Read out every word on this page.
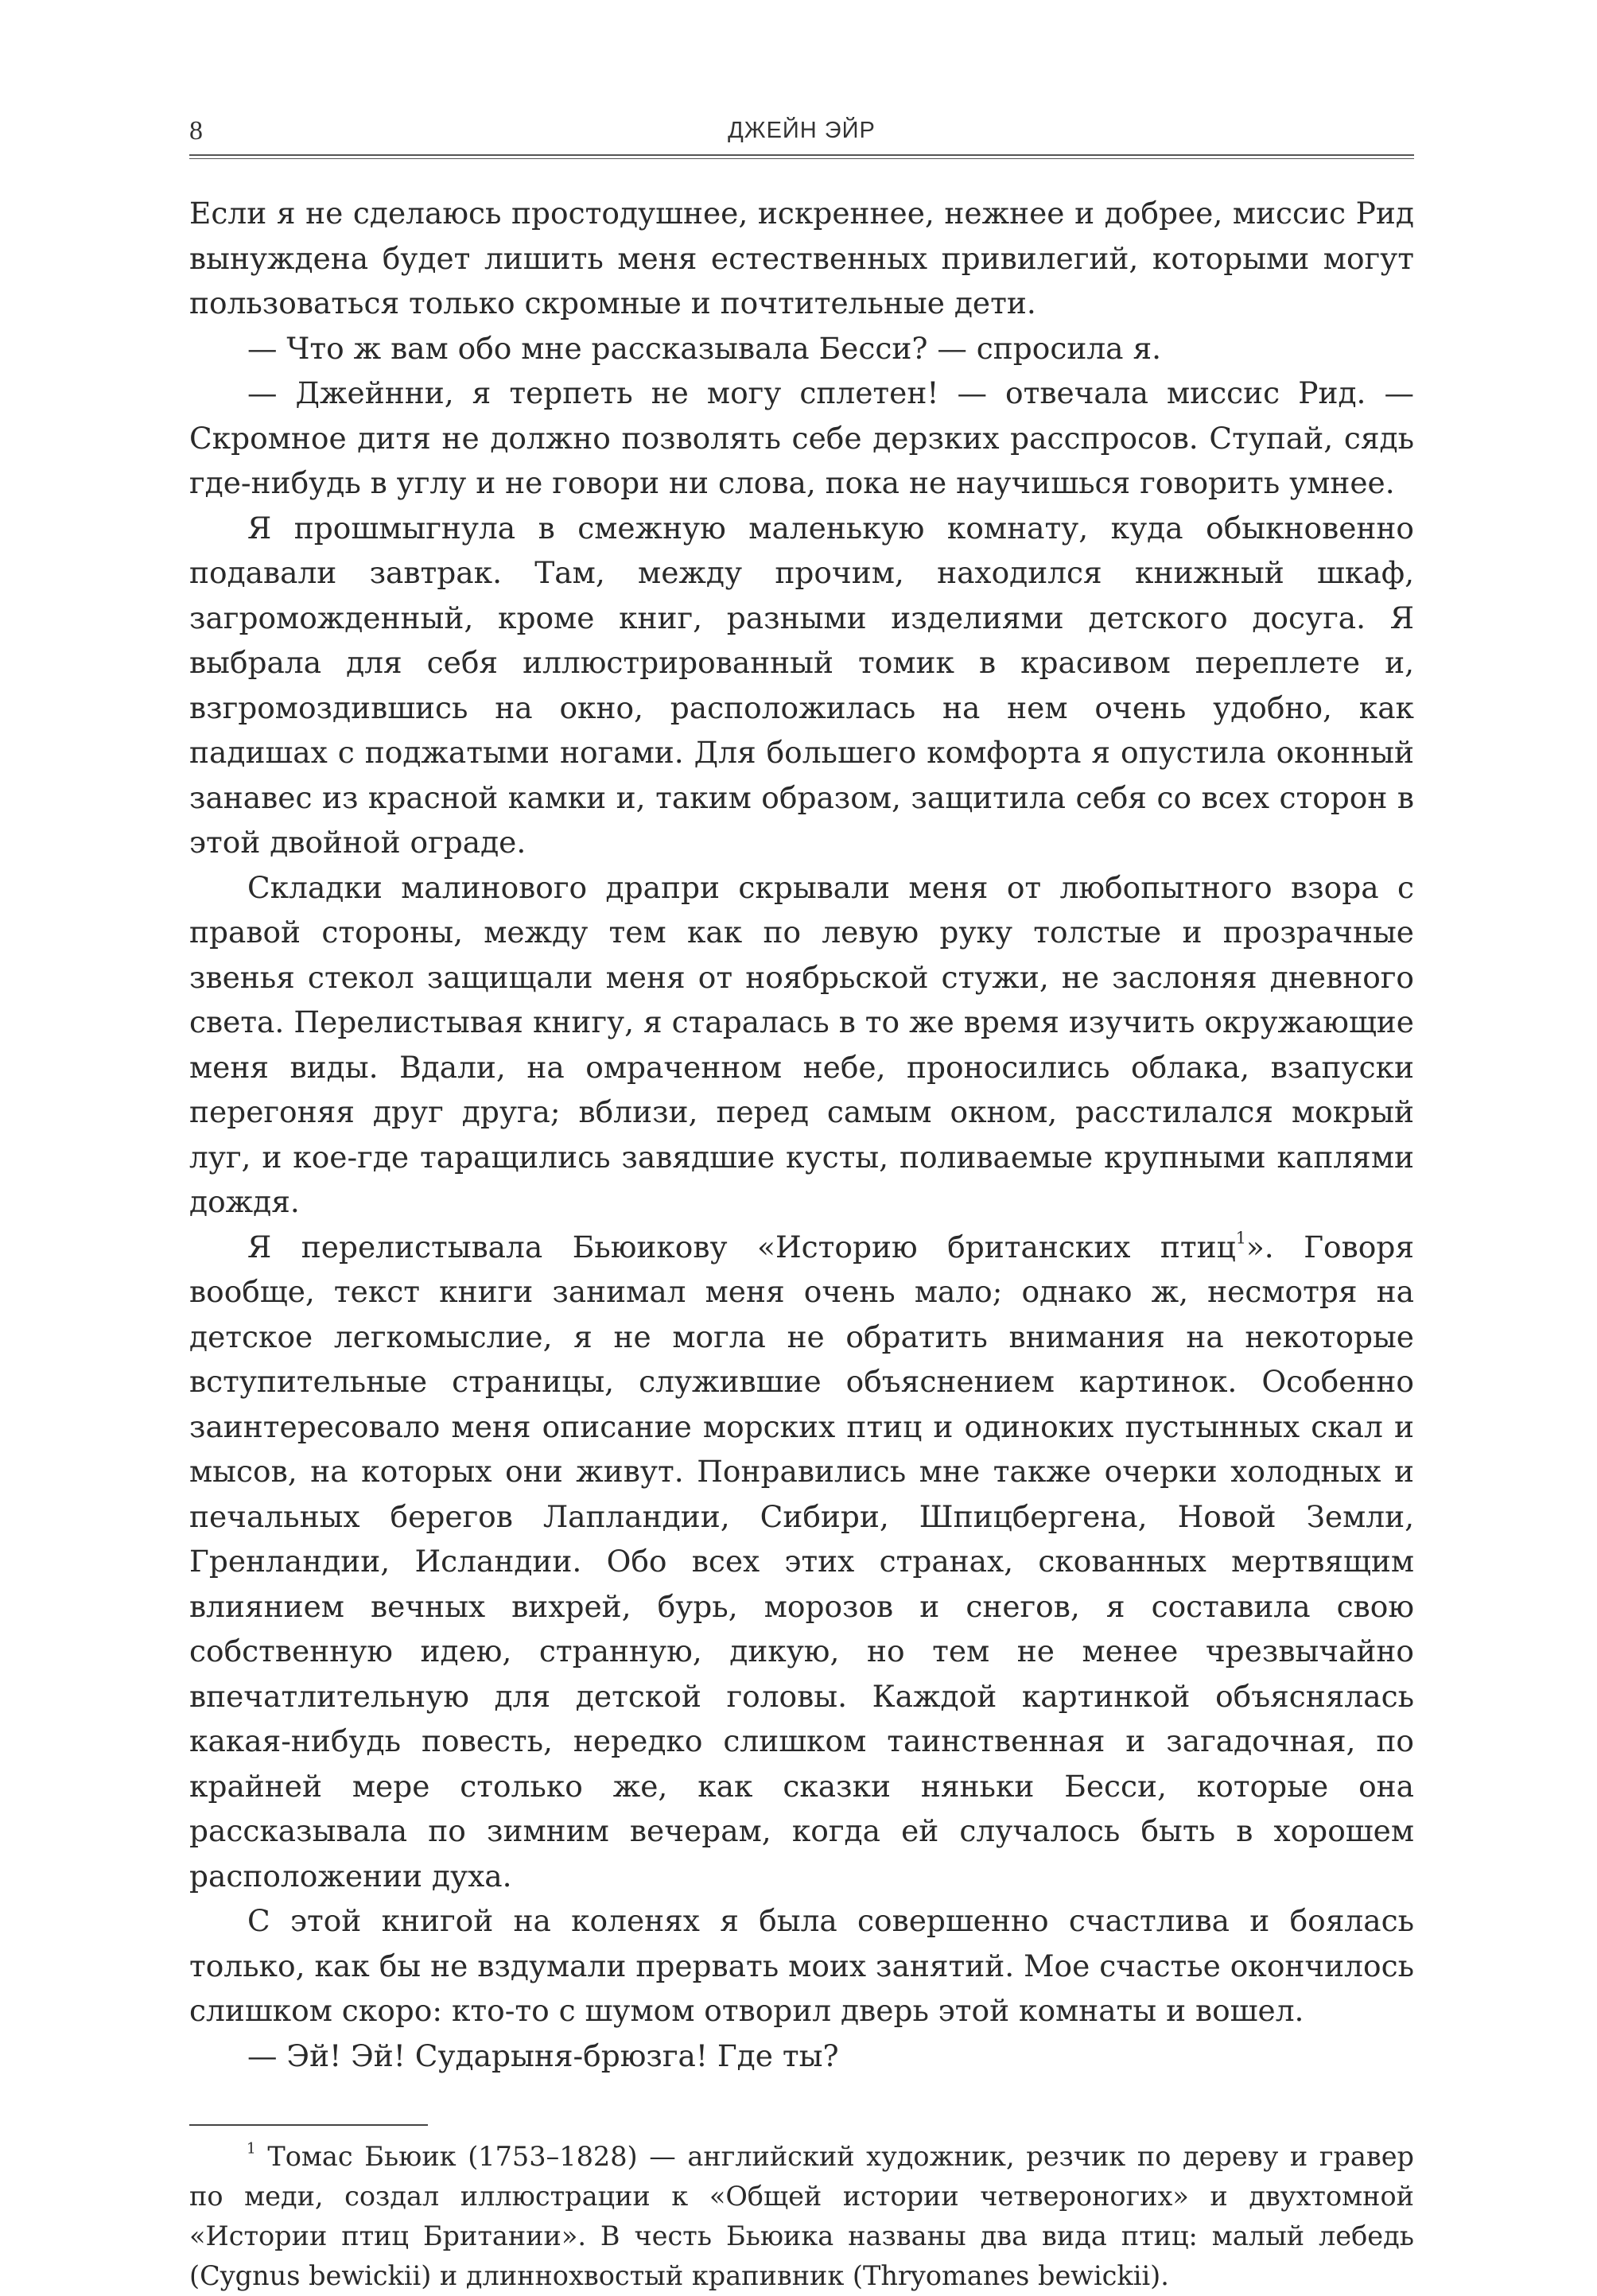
8	ДЖЕЙН ЭЙР

Если я не сделаюсь простодушнее, искреннее, нежнее и добрее, миссис Рид вынуждена будет лишить меня естественных привилегий, которыми могут пользоваться только скромные и почтительные дети.

— Что ж вам обо мне рассказывала Бесси? — спросила я.

— Джейнни, я терпеть не могу сплетен! — отвечала миссис Рид. — Скромное дитя не должно позволять себе дерзких расспросов. Ступай, сядь где-нибудь в углу и не говори ни слова, пока не научишься говорить умнее.

Я прошмыгнула в смежную маленькую комнату, куда обыкновенно подавали завтрак. Там, между прочим, находился книжный шкаф, загроможденный, кроме книг, разными изделиями детского досуга. Я выбрала для себя иллюстрированный томик в красивом переплете и, взгромоздившись на окно, расположилась на нем очень удобно, как падишах с поджатыми ногами. Для большего комфорта я опустила оконный занавес из красной камки и, таким образом, защитила себя со всех сторон в этой двойной ограде.

Складки малинового драпри скрывали меня от любопытного взора с правой стороны, между тем как по левую руку толстые и прозрачные звенья стекол защищали меня от ноябрьской стужи, не заслоняя дневного света. Перелистывая книгу, я старалась в то же время изучить окружающие меня виды. Вдали, на омраченном небе, проносились облака, взапуски перегоняя друг друга; вблизи, перед самым окном, расстилался мокрый луг, и кое-где таращились завядшие кусты, поливаемые крупными каплями дождя.

Я перелистывала Бьюикову «Историю британских птиц$^1$». Говоря вообще, текст книги занимал меня очень мало; однако ж, несмотря на детское легкомыслие, я не могла не обратить внимания на некоторые вступительные страницы, служившие объяснением картинок. Особенно заинтересовало меня описание морских птиц и одиноких пустынных скал и мысов, на которых они живут. Понравились мне также очерки холодных и печальных берегов Лапландии, Сибири, Шпицбергена, Новой Земли, Гренландии, Исландии. Обо всех этих странах, скованных мертвящим влиянием вечных вихрей, бурь, морозов и снегов, я составила свою собственную идею, странную, дикую, но тем не менее чрезвычайно впечатлительную для детской головы. Каждой картинкой объяснялась какая-нибудь повесть, нередко слишком таинственная и загадочная, по крайней мере столько же, как сказки няньки Бесси, которые она рассказывала по зимним вечерам, когда ей случалось быть в хорошем расположении духа.

С этой книгой на коленях я была совершенно счастлива и боялась только, как бы не вздумали прервать моих занятий. Мое счастье окончилось слишком скоро: кто-то с шумом отворил дверь этой комнаты и вошел.

— Эй! Эй! Сударыня-брюзга! Где ты?

$^1$ Томас Бьюик (1753–1828) — английский художник, резчик по дереву и гравер по меди, создал иллюстрации к «Общей истории четвероногих» и двухтомной «Истории птиц Британии». В честь Бьюика названы два вида птиц: малый лебедь (Cygnus bewickii) и длиннохвостый крапивник (Thryomanes bewickii).
